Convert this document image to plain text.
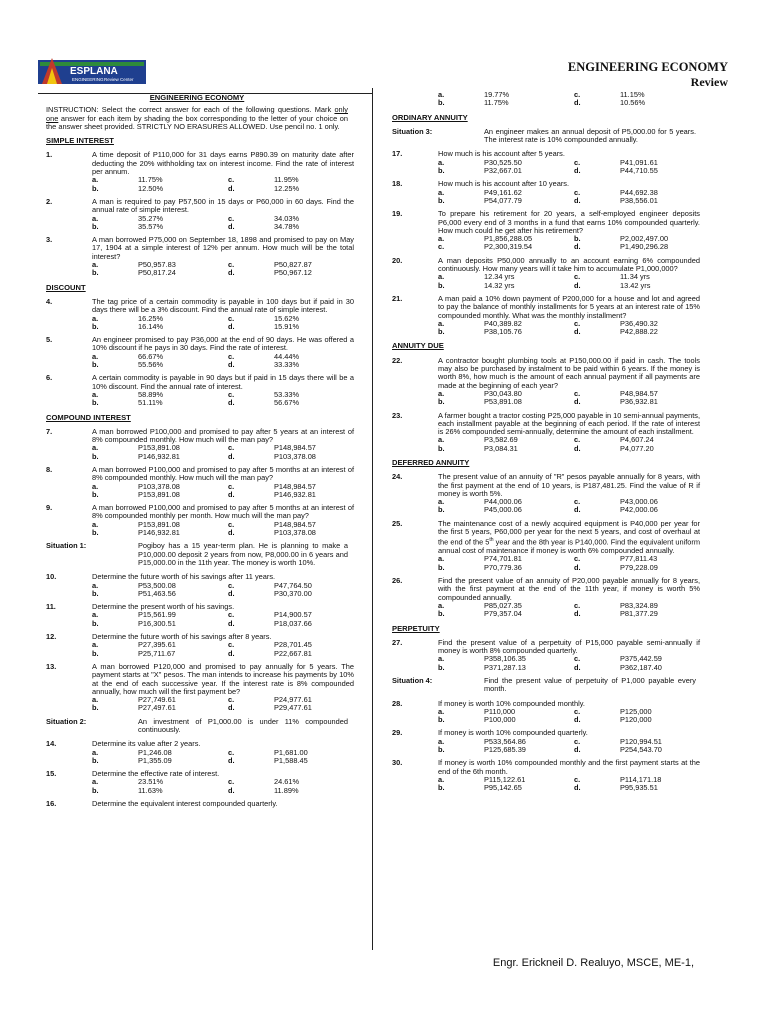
ESPLANA
ENGINEERING Review Center
ENGINEERING ECONOMY
Review
ENGINEERING ECONOMY
INSTRUCTION: Select the correct answer for each of the following questions. Mark only one answer for each item by shading the box corresponding to the letter of your choice on the answer sheet provided. STRICTLY NO ERASURES ALLOWED. Use pencil no. 1 only.
SIMPLE INTEREST
1.	A time deposit of P110,000 for 31 days earns P890.39 on maturity date after deducting the 20% withholding tax on interest income. Find the rate of interest per annum.
a.	11.75%	c.	11.95%
b.	12.50%	d.	12.25%
2.	A man is required to pay P57,500 in 15 days or P60,000 in 60 days. Find the annual rate of simple interest.
a.	35.27%	c.	34.03%
b.	35.57%	d.	34.78%
3.	A man borrowed P75,000 on September 18, 1898 and promised to pay on May 17, 1904 at a simple interest of 12% per annum. How much will be the total interest?
a.	P50,957.83	c.	P50,827.87
b.	P50,817.24	d.	P50,967.12
DISCOUNT
4.	The tag price of a certain commodity is payable in 100 days but if paid in 30 days there will be a 3% discount. Find the annual rate of simple interest.
a.	16.25%	c.	15.62%
b.	16.14%	d.	15.91%
5.	An engineer promised to pay P36,000 at the end of 90 days. He was offered a 10% discount if he pays in 30 days. Find the rate of interest.
a.	66.67%	c.	44.44%
b.	55.56%	d.	33.33%
6.	A certain commodity is payable in 90 days but if paid in 15 days there will be a 10% discount. Find the annual rate of interest.
a.	58.89%	c.	53.33%
b.	51.11%	d.	56.67%
COMPOUND INTEREST
7.	A man borrowed P100,000 and promised to pay after 5 years at an interest of 8% compounded monthly. How much will the man pay?
a.	P153,891.08	c.	P148,984.57
b.	P146,932.81	d.	P103,378.08
8.	A man borrowed P100,000 and promised to pay after 5 months at an interest of 8% compounded monthly. How much will the man pay?
a.	P103,378.08	c.	P148,984.57
b.	P153,891.08	d.	P146,932.81
9.	A man borrowed P100,000 and promised to pay after 5 months at an interest of 8% compounded monthly per month. How much will the man pay?
a.	P153,891.08	c.	P148,984.57
b.	P146,932.81	d.	P103,378.08
Situation 1:	Pogiboy has a 15 year-term plan. He is planning to make a P10,000.00 deposit 2 years from now, P8,000.00 in 6 years and P15,000.00 in the 11th year. The money is worth 10%.
10.	Determine the future worth of his savings after 11 years.
a.	P53,500.08	c.	P47,764.50
b.	P51,463.56	d.	P30,370.00
11.	Determine the present worth of his savings.
a.	P15,561.99	c.	P14,900.57
b.	P16,300.51	d.	P18,037.66
12.	Determine the future worth of his savings after 8 years.
a.	P27,395.61	c.	P28,701.45
b.	P25,711.67	d.	P22,667.81
13.	A man borrowed P120,000 and promised to pay annually for 5 years. The payment starts at "X" pesos. The man intends to increase his payments by 10% at the end of each successive year. If the interest rate is 8% compounded annually, how much will the first payment be?
a.	P27,749.61	c.	P24,977.61
b.	P27,497.61	d.	P29,477.61
Situation 2:	An investment of P1,000.00 is under 11% compounded continuously.
14.	Determine its value after 2 years.
a.	P1,246.08	c.	P1,681.00
b.	P1,355.09	d.	P1,588.45
15.	Determine the effective rate of interest.
a.	23.51%	c.	24.61%
b.	11.63%	d.	11.89%
16.	Determine the equivalent interest compounded quarterly.
a.	19.77%	c.	11.15%
b.	11.75%	d.	10.56%
ORDINARY ANNUITY
Situation 3:	An engineer makes an annual deposit of P5,000.00 for 5 years. The interest rate is 10% compounded annually.
17.	How much is his account after 5 years.
a.	P30,525.50	c.	P41,091.61
b.	P32,667.01	d.	P44,710.55
18.	How much is his account after 10 years.
a.	P49,161.62	c.	P44,692.38
b.	P54,077.79	d.	P38,556.01
19.	To prepare his retirement for 20 years, a self-employed engineer deposits P6,000 every end of 3 months in a fund that earns 10% compounded quarterly. How much could he get after his retirement?
a.	P1,856,288.05	b.	P2,002,497.00
c.	P2,300,319.54	d.	P1,490,296.28
20.	A man deposits P50,000 annually to an account earning 6% compounded continuously. How many years will it take him to accumulate P1,000,000?
a.	12.34 yrs	c.	11.34 yrs
b.	14.32 yrs	d.	13.42 yrs
21.	A man paid a 10% down payment of P200,000 for a house and lot and agreed to pay the balance of monthly installments for 5 years at an interest rate of 15% compounded monthly. What was the monthly installment?
a.	P40,389.82	c.	P36,490.32
b.	P38,105.76	d.	P42,888.22
ANNUITY DUE
22.	A contractor bought plumbing tools at P150,000.00 if paid in cash. The tools may also be purchased by instalment to be paid within 6 years. If the money is worth 8%, how much is the amount of each annual payment if all payments are made at the beginning of each year?
a.	P30,043.80	c.	P48,984.57
b.	P53,891.08	d.	P36,932.81
23.	A farmer bought a tractor costing P25,000 payable in 10 semi-annual payments, each installment payable at the beginning of each period. If the rate of interest is 26% compounded semi-annually, determine the amount of each installment.
a.	P3,582.69	c.	P4,607.24
b.	P3,084.31	d.	P4,077.20
DEFERRED ANNUITY
24.	The present value of an annuity of "R" pesos payable annually for 8 years, with the first payment at the end of 10 years, is P187,481.25. Find the value of R if money is worth 5%.
a.	P44,000.06	c.	P43,000.06
b.	P45,000.06	d.	P42,000.06
25.	The maintenance cost of a newly acquired equipment is P40,000 per year for the first 5 years, P60,000 per year for the next 5 years, and cost of overhaul at the end of the 5th year and the 8th year is P140,000. Find the equivalent uniform annual cost of maintenance if money is worth 6% compounded annually.
a.	P74,701.81	c.	P77,811.43
b.	P70,779.36	d.	P79,228.09
26.	Find the present value of an annuity of P20,000 payable annually for 8 years, with the first payment at the end of the 11th year, if money is worth 5% compounded annually.
a.	P85,027.35	c.	P83,324.89
b.	P79,357.04	d.	P81,377.29
PERPETUITY
27.	Find the present value of a perpetuity of P15,000 payable semi-annually if money is worth 8% compounded quarterly.
a.	P358,106.35	c.	P375,442.59
b.	P371,287.13	d.	P362,187.40
Situation 4:	Find the present value of perpetuity of P1,000 payable every month.
28.	If money is worth 10% compounded monthly.
a.	P110,000	c.	P125,000
b.	P100,000	d.	P120,000
29.	If money is worth 10% compounded quarterly.
a.	P533,564.86	c.	P120,994.51
b.	P125,685.39	d.	P254,543.70
30.	If money is worth 10% compounded monthly and the first payment starts at the end of the 6th month.
a.	P115,122.61	c.	P114,171.18
b.	P95,142.65	d.	P95,935.51
Engr. Erickneil D. Realuyo, MSCE, ME-1,
